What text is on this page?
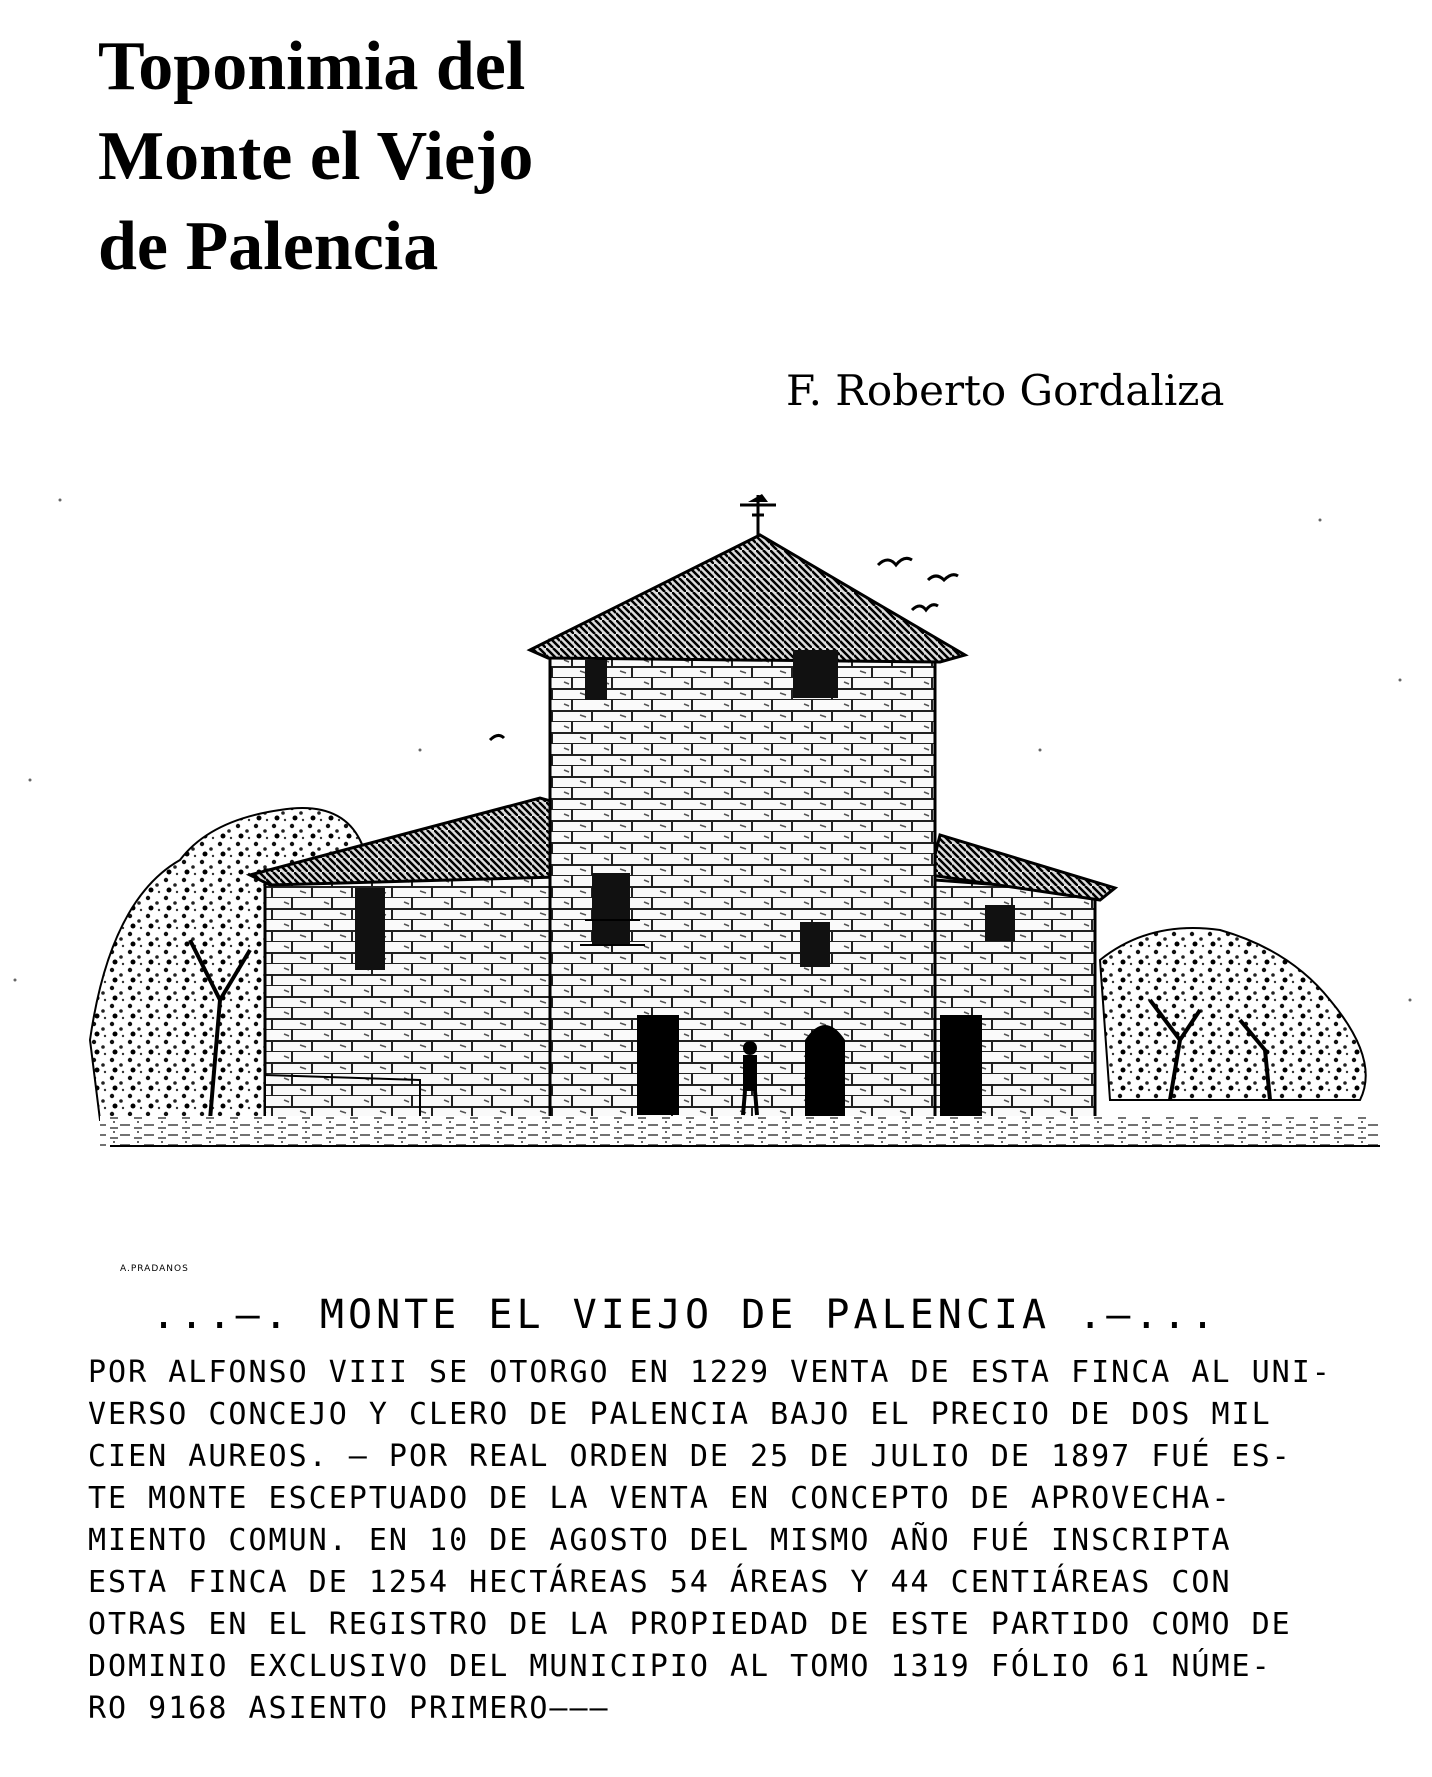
Toponimia del
Monte el Viejo
de Palencia
F. Roberto Gordaliza
A.PRADANOS
...—. MONTE EL VIEJO DE PALENCIA .—...
POR ALFONSO VIII SE OTORGO EN 1229 VENTA DE ESTA FINCA AL UNI-
VERSO CONCEJO Y CLERO DE PALENCIA BAJO EL PRECIO DE DOS MIL
CIEN AUREOS. – POR REAL ORDEN DE 25 DE JULIO DE 1897 FUÉ ES-
TE MONTE ESCEPTUADO DE LA VENTA EN CONCEPTO DE APROVECHA-
MIENTO COMUN. EN 10 DE AGOSTO DEL MISMO AÑO FUÉ INSCRIPTA
ESTA FINCA DE 1254 HECTÁREAS 54 ÁREAS Y 44 CENTIÁREAS CON
OTRAS EN EL REGISTRO DE LA PROPIEDAD DE ESTE PARTIDO COMO DE
DOMINIO EXCLUSIVO DEL MUNICIPIO AL TOMO 1319 FÓLIO 61 NÚME-
RO 9168 ASIENTO PRIMERO———
